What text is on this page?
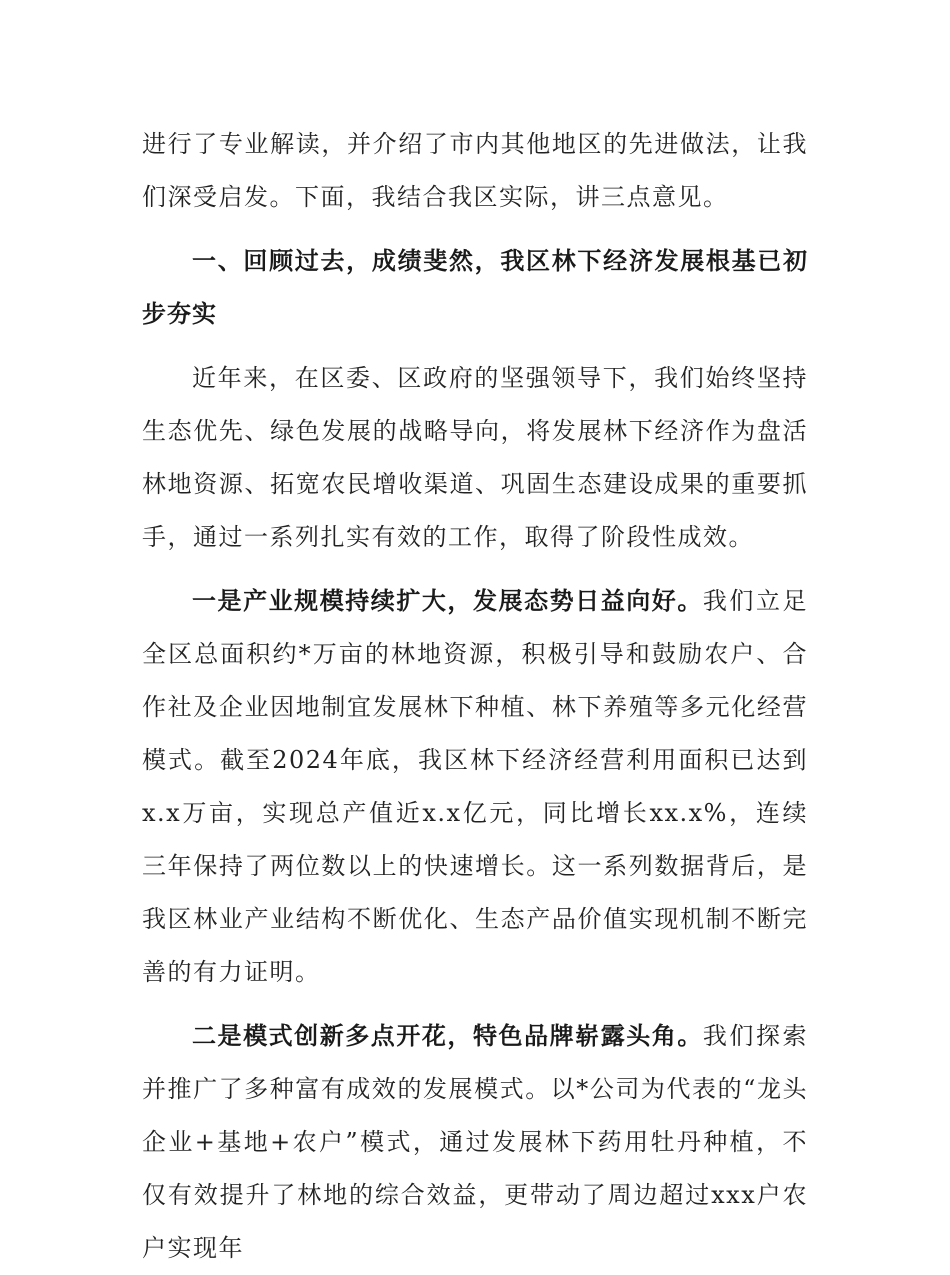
进行了专业解读，并介绍了市内其他地区的先进做法，让我们深受启发。下面，我结合我区实际，讲三点意见。

一、回顾过去，成绩斐然，我区林下经济发展根基已初步夯实

近年来，在区委、区政府的坚强领导下，我们始终坚持生态优先、绿色发展的战略导向，将发展林下经济作为盘活林地资源、拓宽农民增收渠道、巩固生态建设成果的重要抓手，通过一系列扎实有效的工作，取得了阶段性成效。

一是产业规模持续扩大，发展态势日益向好。我们立足全区总面积约*万亩的林地资源，积极引导和鼓励农户、合作社及企业因地制宜发展林下种植、林下养殖等多元化经营模式。截至2024年底，我区林下经济经营利用面积已达到x.x万亩，实现总产值近x.x亿元，同比增长xx.x%，连续三年保持了两位数以上的快速增长。这一系列数据背后，是我区林业产业结构不断优化、生态产品价值实现机制不断完善的有力证明。

二是模式创新多点开花，特色品牌崭露头角。我们探索并推广了多种富有成效的发展模式。以*公司为代表的“龙头企业+基地+农户”模式，通过发展林下药用牡丹种植，不仅有效提升了林地的综合效益，更带动了周边超过xxx户农户实现年
